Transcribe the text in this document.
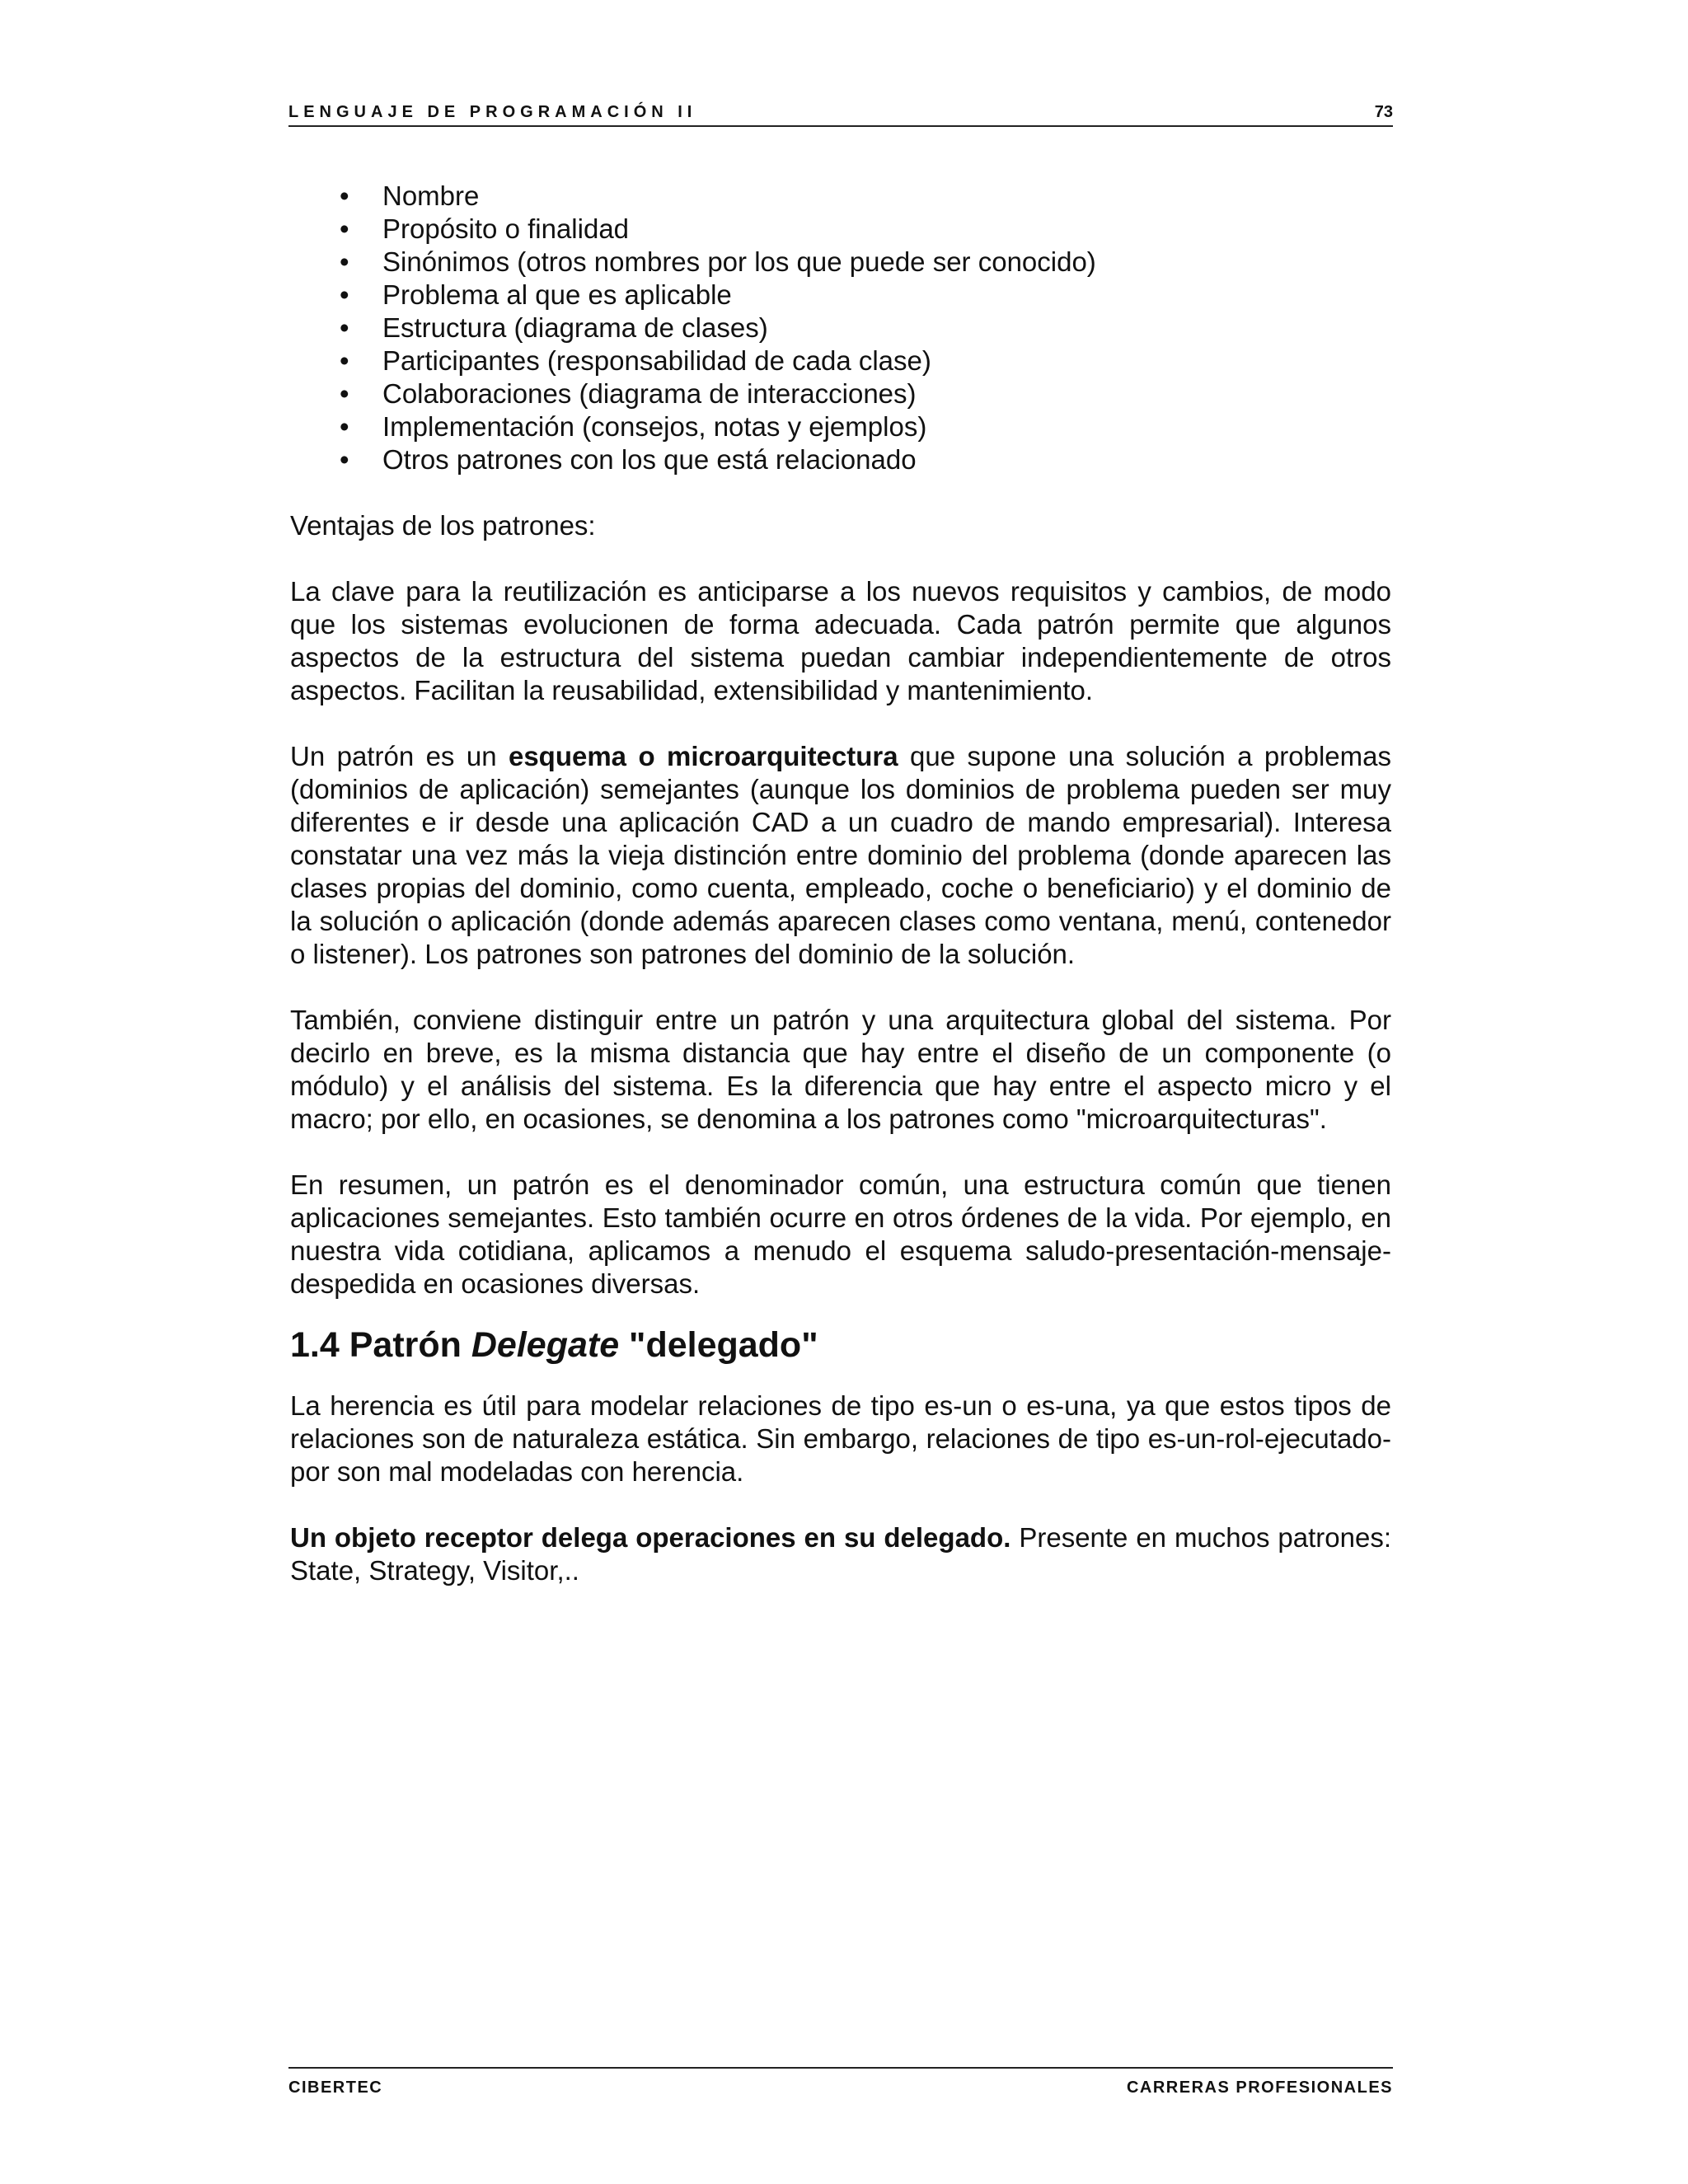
LENGUAJE DE PROGRAMACIÓN II	73
• Nombre
• Propósito o finalidad
• Sinónimos (otros nombres por los que puede ser conocido)
• Problema al que es aplicable
• Estructura (diagrama de clases)
• Participantes (responsabilidad de cada clase)
• Colaboraciones (diagrama de interacciones)
• Implementación (consejos, notas y ejemplos)
• Otros patrones con los que está relacionado

Ventajas de los patrones:

La clave para la reutilización es anticiparse a los nuevos requisitos y cambios, de modo que los sistemas evolucionen de forma adecuada. Cada patrón permite que algunos aspectos de la estructura del sistema puedan cambiar independientemente de otros aspectos. Facilitan la reusabilidad, extensibilidad y mantenimiento.

Un patrón es un esquema o microarquitectura que supone una solución a problemas (dominios de aplicación) semejantes (aunque los dominios de problema pueden ser muy diferentes e ir desde una aplicación CAD a un cuadro de mando empresarial). Interesa constatar una vez más la vieja distinción entre dominio del problema (donde aparecen las clases propias del dominio, como cuenta, empleado, coche o beneficiario) y el dominio de la solución o aplicación (donde además aparecen clases como ventana, menú, contenedor o listener). Los patrones son patrones del dominio de la solución.

También, conviene distinguir entre un patrón y una arquitectura global del sistema. Por decirlo en breve, es la misma distancia que hay entre el diseño de un componente (o módulo) y el análisis del sistema. Es la diferencia que hay entre el aspecto micro y el macro; por ello, en ocasiones, se denomina a los patrones como "microarquitecturas".

En resumen, un patrón es el denominador común, una estructura común que tienen aplicaciones semejantes. Esto también ocurre en otros órdenes de la vida. Por ejemplo, en nuestra vida cotidiana, aplicamos a menudo el esquema saludo-presentación-mensaje-despedida en ocasiones diversas.

1.4 Patrón Delegate "delegado"

La herencia es útil para modelar relaciones de tipo es-un o es-una, ya que estos tipos de relaciones son de naturaleza estática. Sin embargo, relaciones de tipo es-un-rol-ejecutado-por son mal modeladas con herencia.

Un objeto receptor delega operaciones en su delegado. Presente en muchos patrones: State, Strategy, Visitor,..

CIBERTEC	CARRERAS PROFESIONALES
